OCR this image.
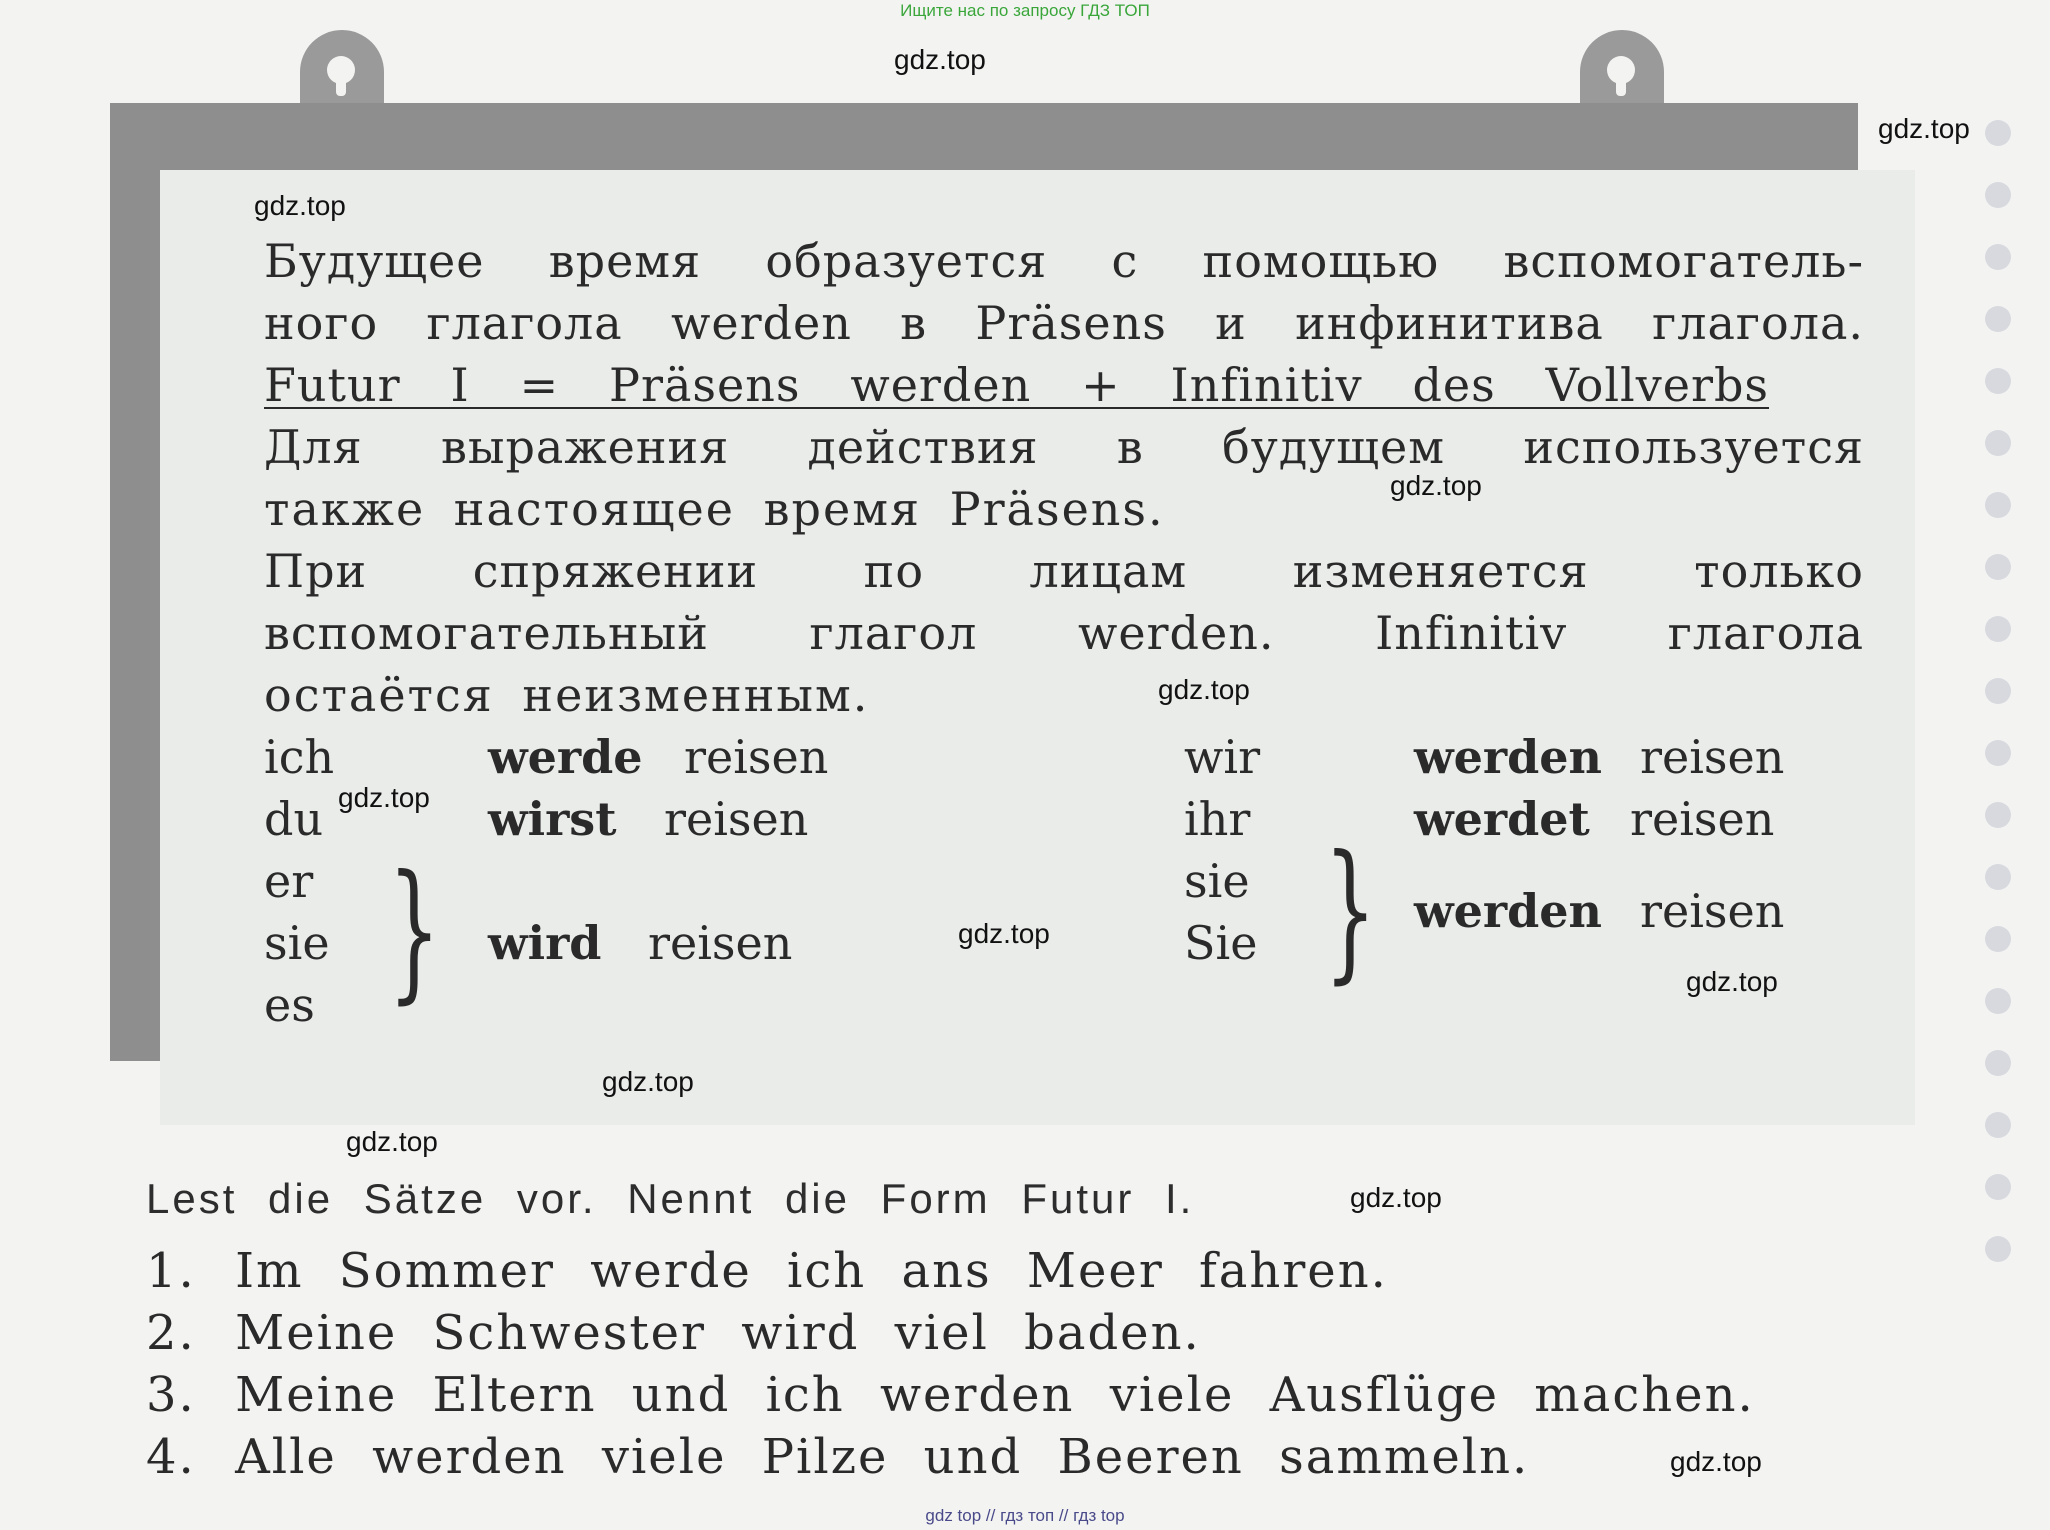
Ищите нас по запросу ГДЗ ТОП
Будущее время образуется с помощью вспомогатель-
ного глагола werden в Präsens и инфинитива глагола.
Futur I = Präsens werden + Infinitiv des Vollverbs
Для выражения действия в будущем используется
также настоящее время Präsens.
При спряжении по лицам изменяется только
вспомогательный глагол werden. Infinitiv глагола
остаётся неизменным.
ich	werde reisen
du	wirst reisen
er
sie
es } wird reisen
wir	werden reisen
ihr	werdet reisen
sie
Sie } werden reisen
Lest die Sätze vor. Nennt die Form Futur I.
1. Im Sommer werde ich ans Meer fahren.
2. Meine Schwester wird viel baden.
3. Meine Eltern und ich werden viele Ausflüge machen.
4. Alle werden viele Pilze und Beeren sammeln.
gdz.top
gdz.top
gdz.top
gdz.top
gdz.top
gdz.top
gdz.top
gdz.top
gdz.top
gdz.top
gdz.top
gdz.top
gdz top // гдз топ // гдз top
